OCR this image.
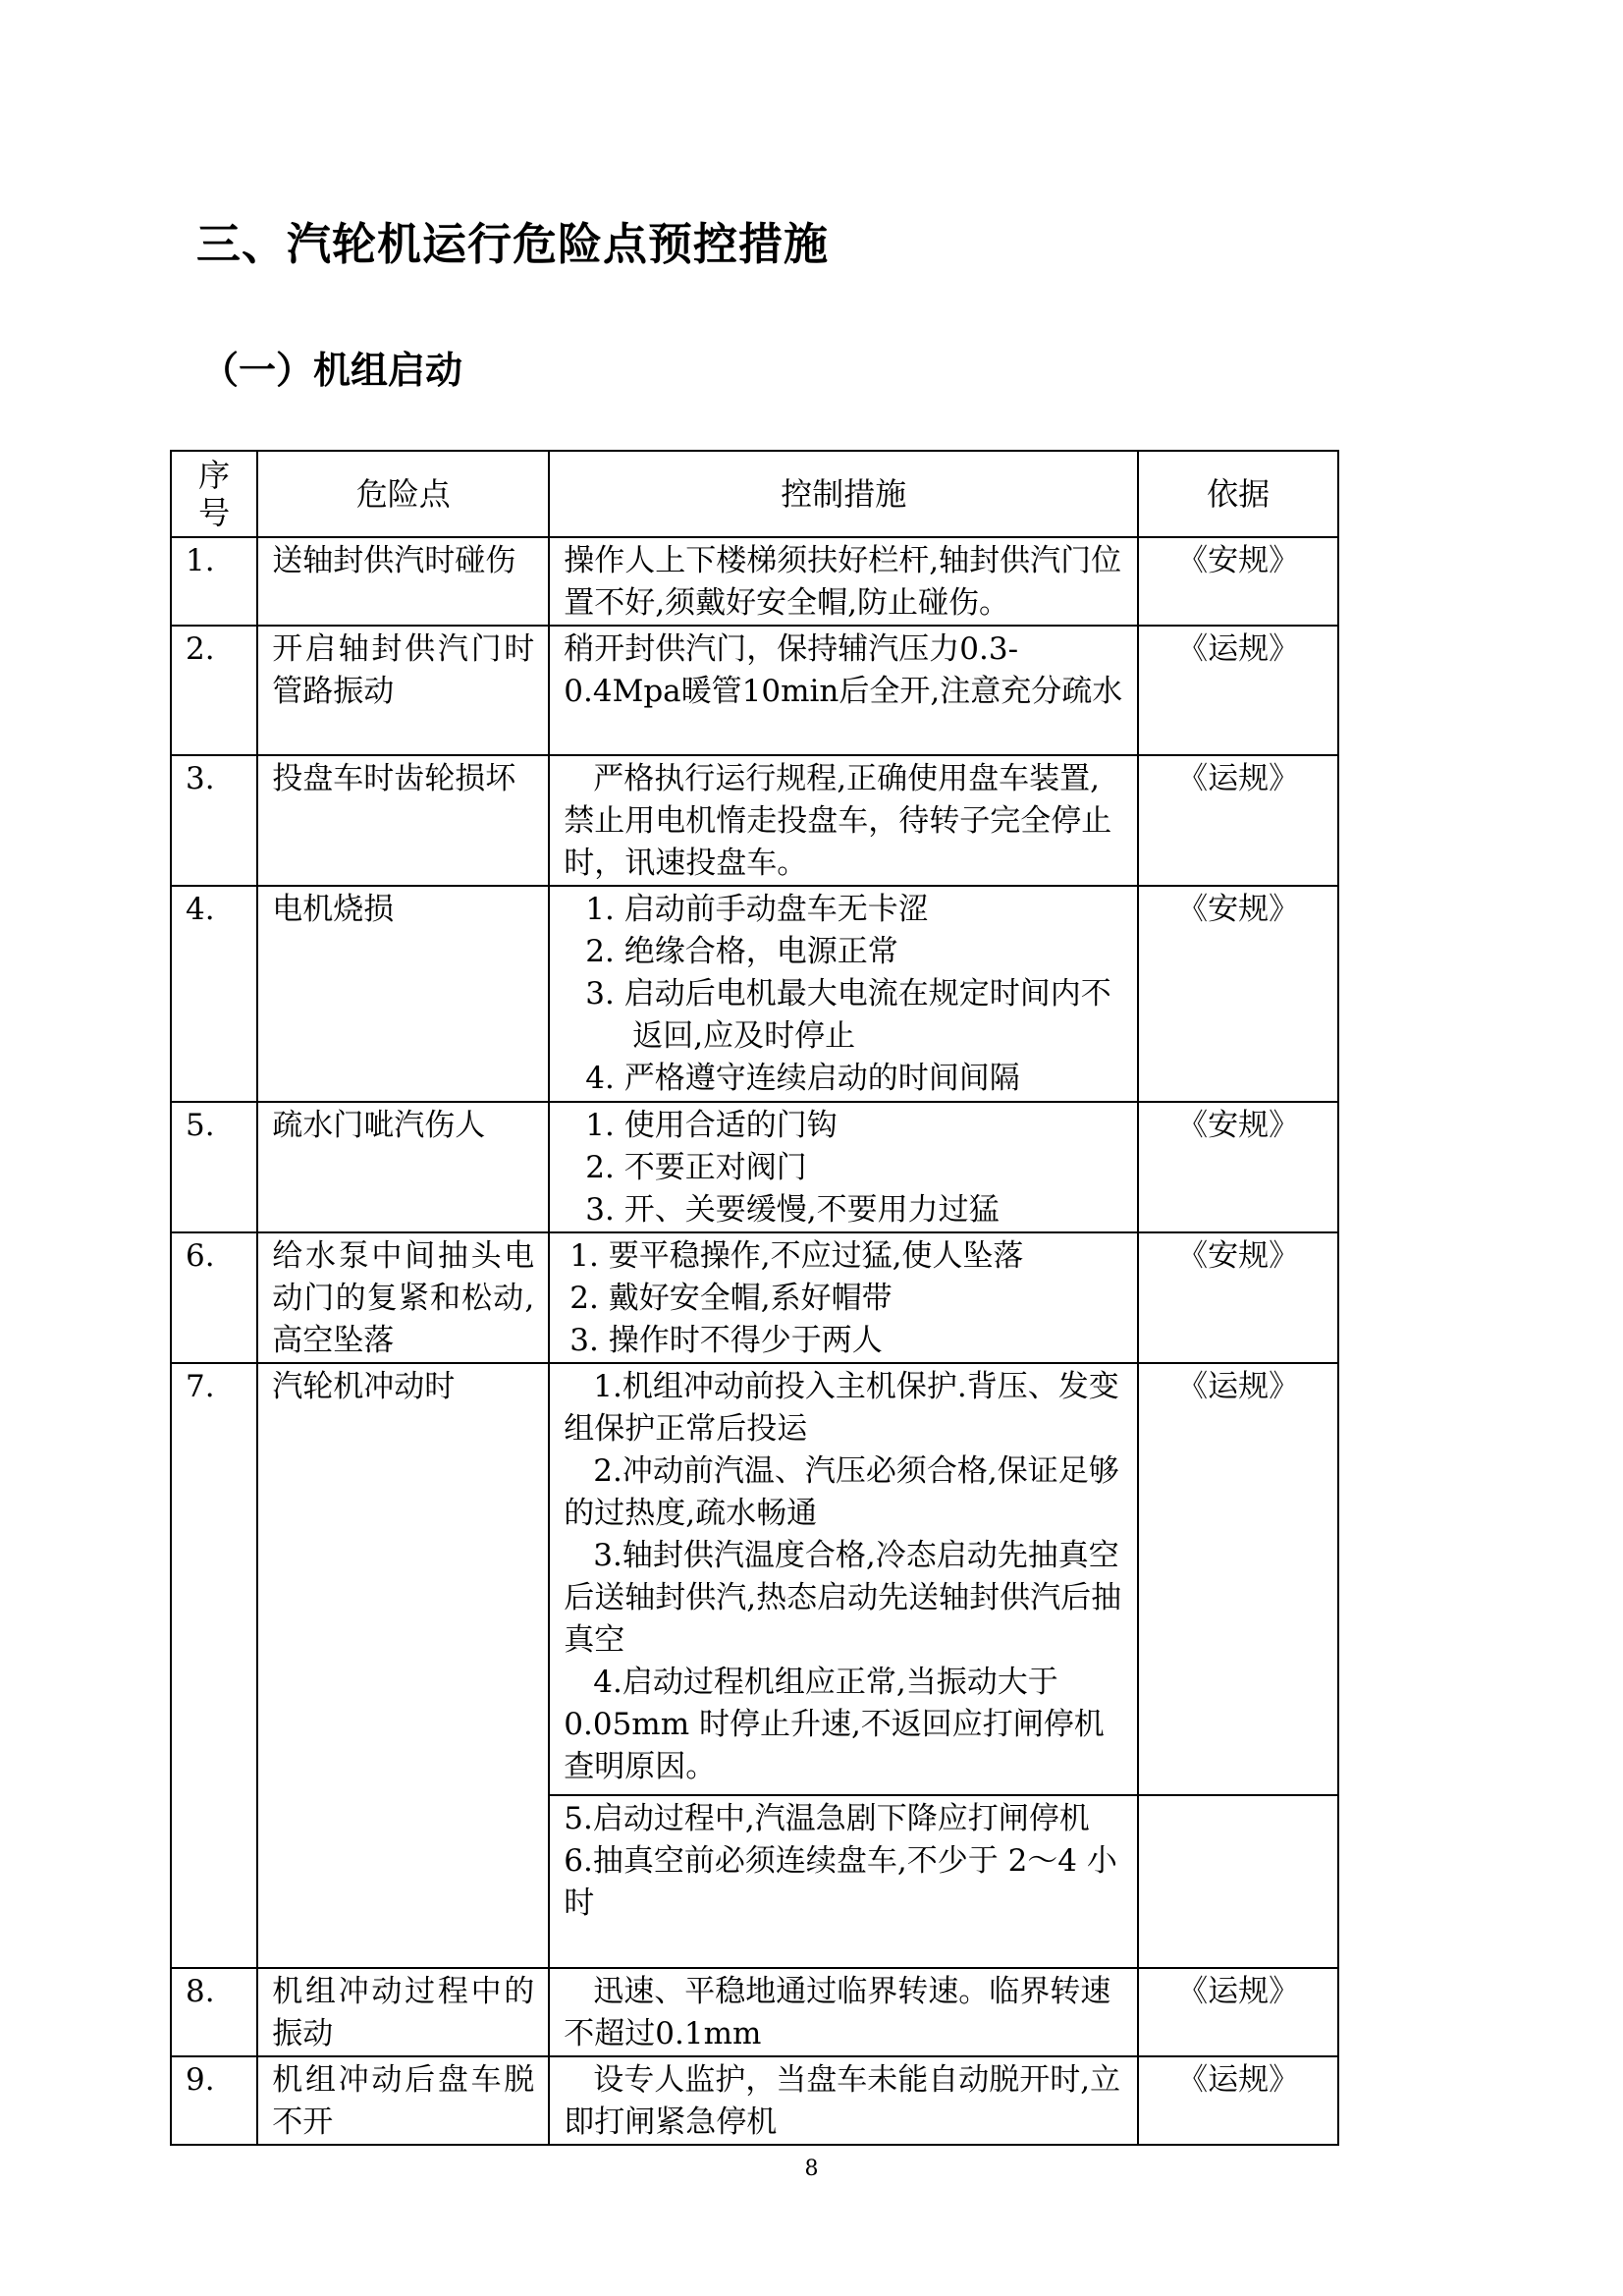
三、汽轮机运行危险点预控措施
（一）机组启动
序号	危险点	控制措施	依据
1.	送轴封供汽时碰伤	操作人上下楼梯须扶好栏杆,轴封供汽门位置不好,须戴好安全帽,防止碰伤。	《安规》
2.	开启轴封供汽门时管路振动	稍开封供汽门，保持辅汽压力0.3-0.4Mpa暖管10min后全开,注意充分疏水	《运规》
3.	投盘车时齿轮损坏	严格执行运行规程,正确使用盘车装置,禁止用电机惰走投盘车，待转子完全停止时，讯速投盘车。	《运规》
4.	电机烧损	1. 启动前手动盘车无卡涩
2. 绝缘合格，电源正常
3. 启动后电机最大电流在规定时间内不返回,应及时停止
4. 严格遵守连续启动的时间间隔	《安规》
5.	疏水门呲汽伤人	1. 使用合适的门钩
2. 不要正对阀门
3. 开、关要缓慢,不要用力过猛	《安规》
6.	给水泵中间抽头电动门的复紧和松动,高空坠落	1. 要平稳操作,不应过猛,使人坠落
2. 戴好安全帽,系好帽带
3. 操作时不得少于两人	《安规》
7.	汽轮机冲动时	1.机组冲动前投入主机保护.背压、发变组保护正常后投运
2.冲动前汽温、汽压必须合格,保证足够的过热度,疏水畅通
3.轴封供汽温度合格,冷态启动先抽真空后送轴封供汽,热态启动先送轴封供汽后抽真空
4.启动过程机组应正常,当振动大于0.05mm 时停止升速,不返回应打闸停机查明原因。	《运规》

		5.启动过程中,汽温急剧下降应打闸停机
6.抽真空前必须连续盘车,不少于 2～4 小时	

8.	机组冲动过程中的振动	迅速、平稳地通过临界转速。临界转速不超过0.1mm	《运规》
9.	机组冲动后盘车脱不开	设专人监护，当盘车未能自动脱开时,立即打闸紧急停机	《运规》
8
